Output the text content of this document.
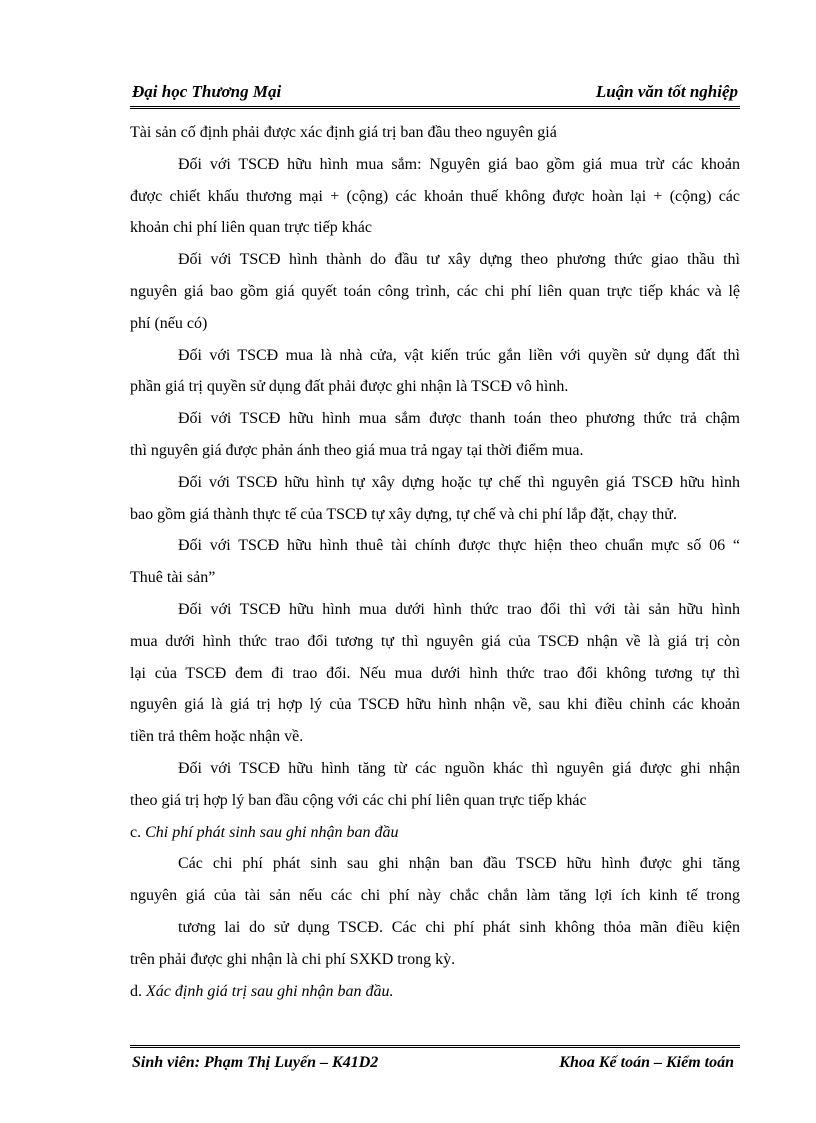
Đại học Thương Mại	Luận văn tốt nghiệp
Tài sản cố định phải được xác định giá trị ban đầu theo nguyên giá
Đối với TSCĐ hữu hình mua sắm: Nguyên giá bao gồm giá mua trừ các khoản
được chiết khấu thương mại + (cộng) các khoản thuế không được hoàn lại + (cộng) các
khoản chi phí liên quan trực tiếp khác
Đối với TSCĐ hình thành do đầu tư xây dựng theo phương thức giao thầu thì
nguyên giá bao gồm giá quyết toán công trình, các chi phí liên quan trực tiếp khác và lệ
phí (nếu có)
Đối với TSCĐ mua là nhà cửa, vật kiến trúc gắn liền với quyền sử dụng đất thì
phần giá trị quyền sử dụng đất phải được ghi nhận là TSCĐ vô hình.
Đối với TSCĐ hữu hình mua sắm được thanh toán theo phương thức trả chậm
thì nguyên giá được phản ánh theo giá mua trả ngay tại thời điểm mua.
Đối với TSCĐ hữu hình tự xây dựng hoặc tự chế thì nguyên giá TSCĐ hữu hình
bao gồm giá thành thực tế của TSCĐ tự xây dựng, tự chế và chi phí lắp đặt, chạy thử.
Đối với TSCĐ hữu hình thuê tài chính được thực hiện theo chuẩn mực số 06 “
Thuê tài sản”
Đối với TSCĐ hữu hình mua dưới hình thức trao đổi thì với tài sản hữu hình
mua dưới hình thức trao đổi tương tự thì nguyên giá của TSCĐ nhận về là giá trị còn
lại của TSCĐ đem đi trao đổi. Nếu mua dưới hình thức trao đổi không tương tự thì
nguyên giá là giá trị hợp lý của TSCĐ hữu hình nhận về, sau khi điều chỉnh các khoản
tiền trả thêm hoặc nhận về.
Đối với TSCĐ hữu hình tăng từ các nguồn khác thì nguyên giá được ghi nhận
theo giá trị hợp lý ban đầu cộng với các chi phí liên quan trực tiếp khác
c. Chi phí phát sinh sau ghi nhận ban đầu
Các chi phí phát sinh sau ghi nhận ban đầu TSCĐ hữu hình được ghi tăng
nguyên giá của tài sản nếu các chi phí này chắc chắn làm tăng lợi ích kinh tế trong
tương lai do sử dụng TSCĐ. Các chi phí phát sinh không thỏa mãn điều kiện
trên phải được ghi nhận là chi phí SXKD trong kỳ.
d. Xác định giá trị sau ghi nhận ban đầu.
Sinh viên: Phạm Thị Luyến – K41D2	Khoa Kế toán – Kiểm toán
